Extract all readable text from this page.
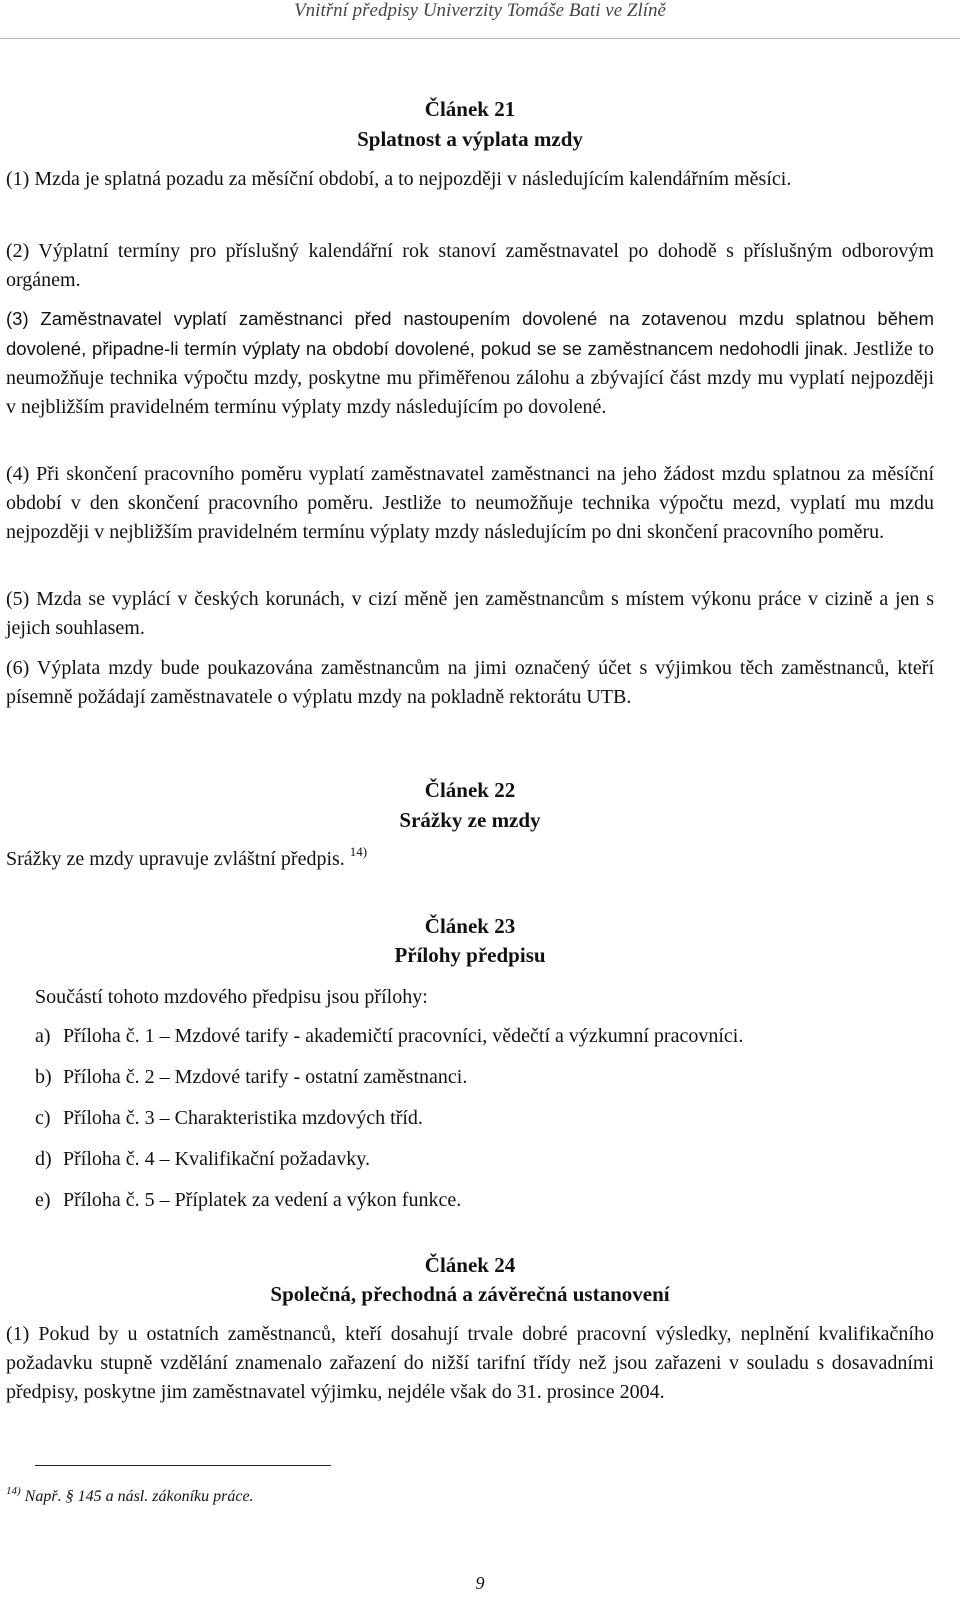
Vnitřní předpisy Univerzity Tomáše Bati ve Zlíně
Článek 21
Splatnost a výplata mzdy
(1) Mzda je splatná pozadu za měsíční období, a to nejpozději v následujícím kalendářním měsíci.
(2) Výplatní termíny pro příslušný kalendářní rok stanoví zaměstnavatel po dohodě s příslušným odborovým orgánem.
(3) Zaměstnavatel vyplatí zaměstnanci před nastoupením dovolené na zotavenou mzdu splatnou během dovolené, připadne-li termín výplaty na období dovolené, pokud se se zaměstnancem nedohodli jinak. Jestliže to neumožňuje technika výpočtu mzdy, poskytne mu přiměřenou zálohu a zbývající část mzdy mu vyplatí nejpozději v nejbližším pravidelném termínu výplaty mzdy následujícím po dovolené.
(4) Při skončení pracovního poměru vyplatí zaměstnavatel zaměstnanci na jeho žádost mzdu splatnou za měsíční období v den skončení pracovního poměru. Jestliže to neumožňuje technika výpočtu mezd, vyplatí mu mzdu nejpozději v nejbližším pravidelném termínu výplaty mzdy následujícím po dni skončení pracovního poměru.
(5) Mzda se vyplácí v českých korunách, v cizí měně jen zaměstnancům s místem výkonu práce v cizině a jen s jejich souhlasem.
(6) Výplata mzdy bude poukazována zaměstnancům na jimi označený účet s výjimkou těch zaměstnanců, kteří písemně požádají zaměstnavatele o výplatu mzdy na pokladně rektorátu UTB.
Článek 22
Srážky ze mzdy
Srážky ze mzdy upravuje zvláštní předpis. $^{14)}$
Článek 23
Přílohy předpisu
Součástí tohoto mzdového předpisu jsou přílohy:
a) Příloha č. 1 – Mzdové tarify - akademičtí pracovníci, vědečtí a výzkumní pracovníci.
b) Příloha č. 2 – Mzdové tarify - ostatní zaměstnanci.
c) Příloha č. 3 – Charakteristika mzdových tříd.
d) Příloha č. 4 – Kvalifikační požadavky.
e) Příloha č. 5 – Příplatek za vedení a výkon funkce.
Článek 24
Společná, přechodná a závěrečná ustanovení
(1) Pokud by u ostatních zaměstnanců, kteří dosahují trvale dobré pracovní výsledky, neplnění kvalifikačního požadavku stupně vzdělání znamenalo zařazení do nižší tarifní třídy než jsou zařazeni v souladu s dosavadními předpisy, poskytne jim zaměstnavatel výjimku, nejdéle však do 31. prosince 2004.
$^{14)}$ Např. § 145 a násl. zákoníku práce.
9
